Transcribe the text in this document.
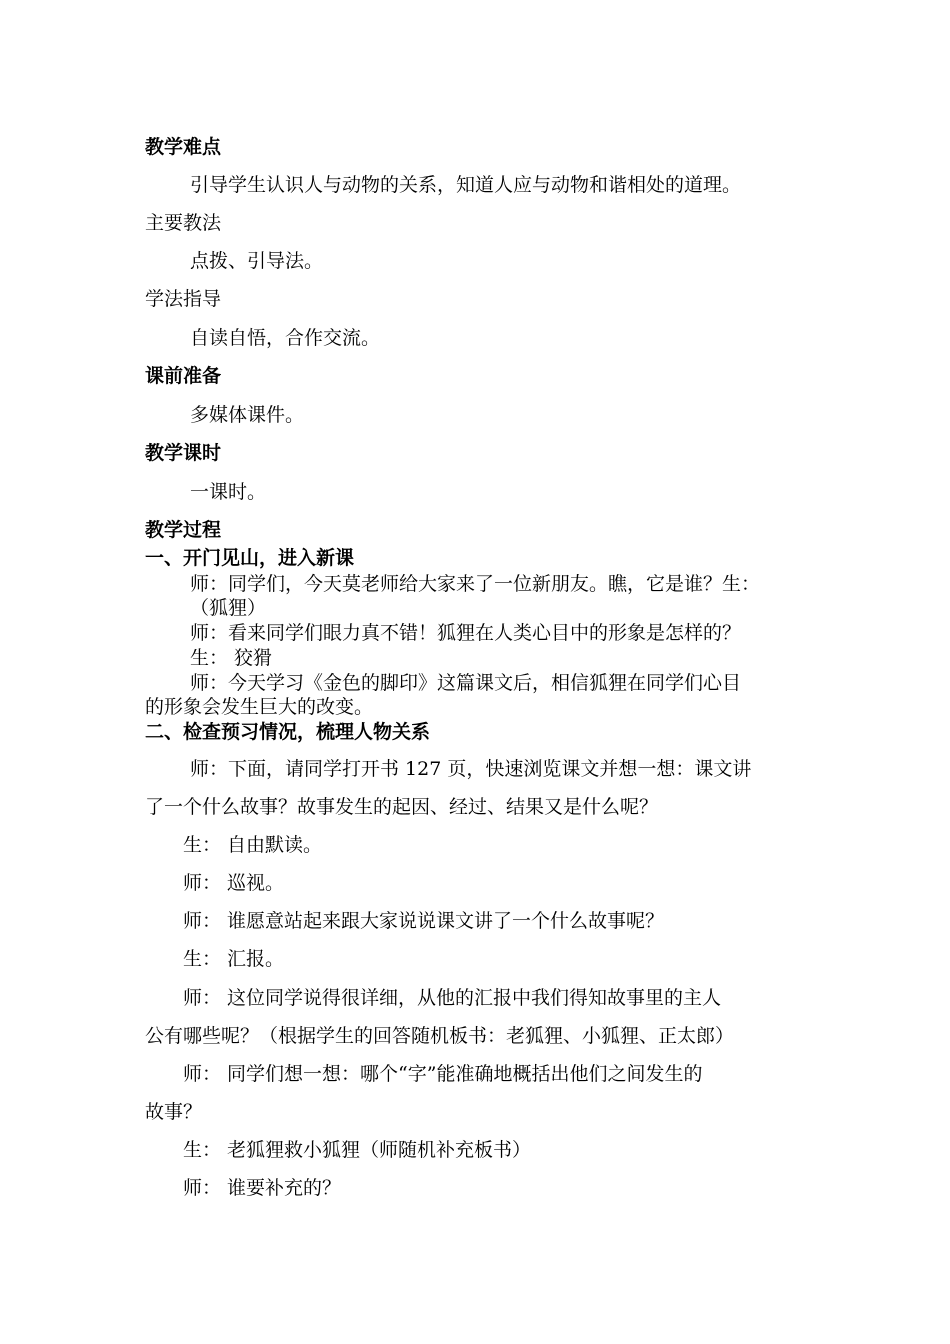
教学难点
引导学生认识人与动物的关系，知道人应与动物和谐相处的道理。
主要教法
点拨、引导法。
学法指导
自读自悟，合作交流。
课前准备
多媒体课件。
教学课时
一课时。
教学过程
一、开门见山，进入新课
师：同学们，今天莫老师给大家来了一位新朋友。瞧，它是谁？生：
（狐狸）
师：看来同学们眼力真不错！狐狸在人类心目中的形象是怎样的？
生： 狡猾
师：今天学习《金色的脚印》这篇课文后，相信狐狸在同学们心目
的形象会发生巨大的改变。
二、检查预习情况，梳理人物关系
师：下面，请同学打开书 127 页，快速浏览课文并想一想：课文讲
了一个什么故事？故事发生的起因、经过、结果又是什么呢？
生： 自由默读。
师： 巡视。
师： 谁愿意站起来跟大家说说课文讲了一个什么故事呢？
生： 汇报。
师： 这位同学说得很详细，从他的汇报中我们得知故事里的主人
公有哪些呢？（根据学生的回答随机板书：老狐狸、小狐狸、正太郎）
师： 同学们想一想：哪个“字”能准确地概括出他们之间发生的
故事？
生： 老狐狸救小狐狸（师随机补充板书）
师： 谁要补充的？
